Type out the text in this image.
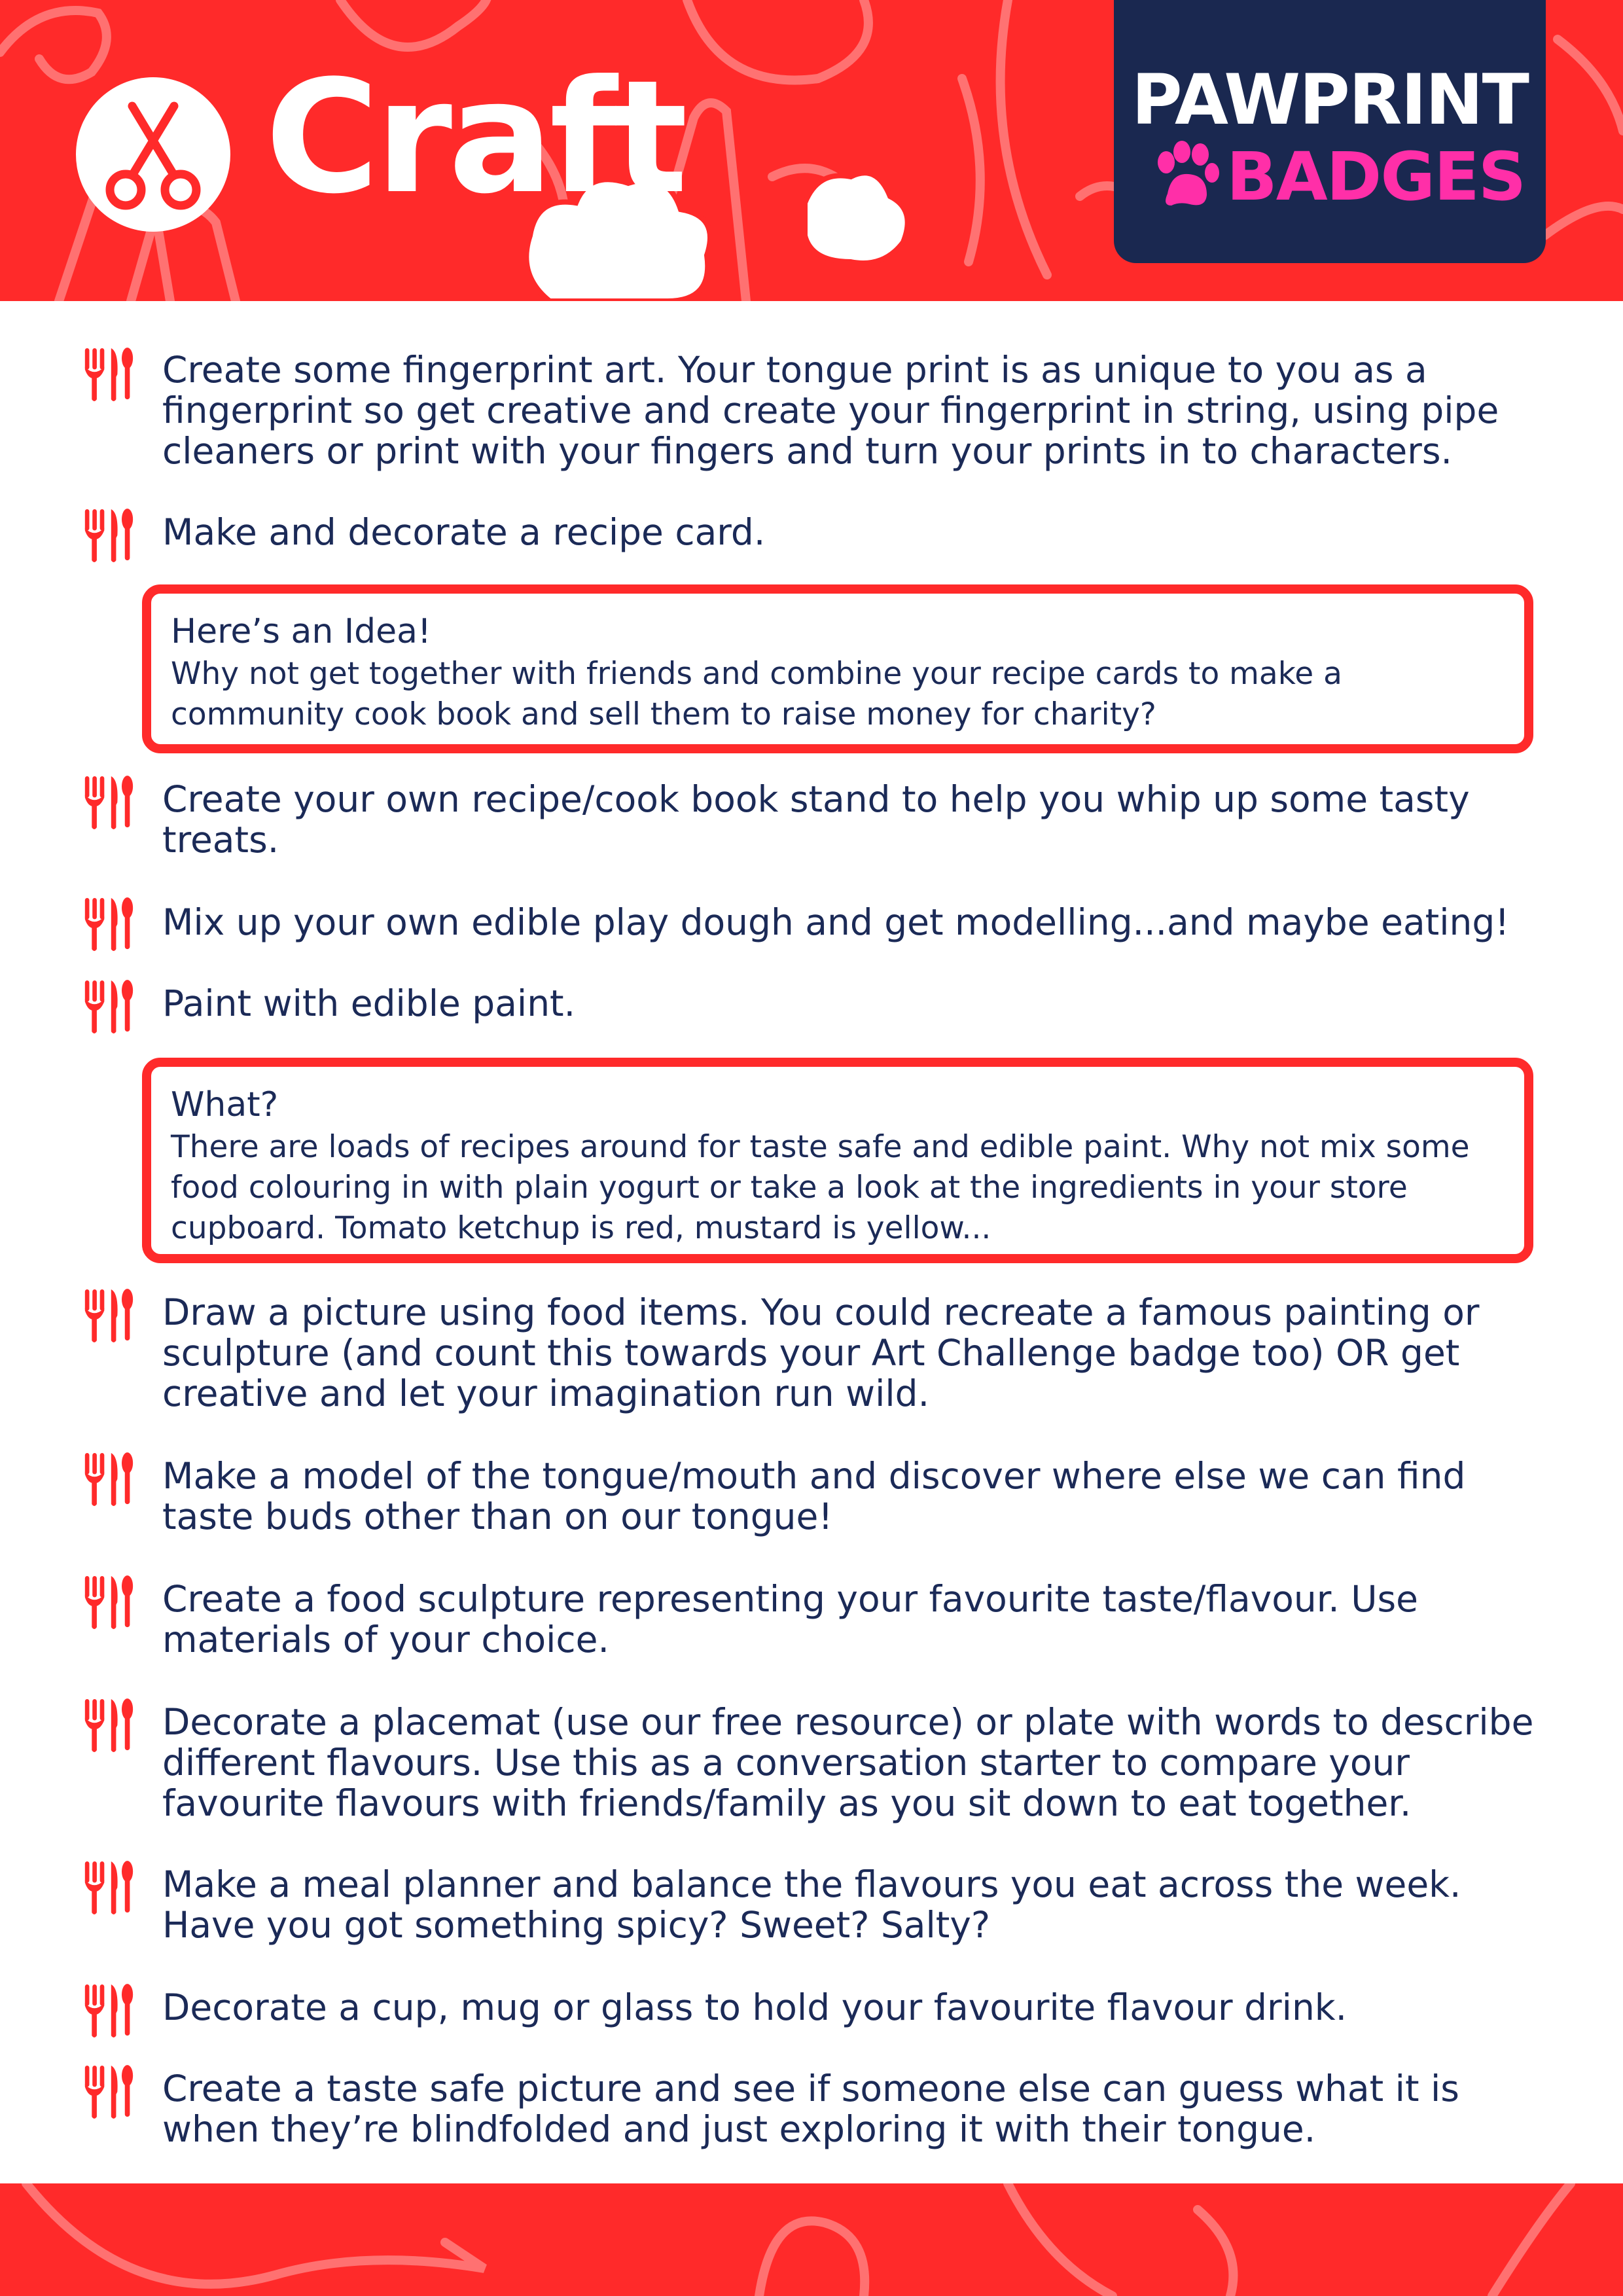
Craft	PAWPRINT
BADGES
Create some fingerprint art. Your tongue print is as unique to you as a fingerprint so get creative and create your fingerprint in string, using pipe cleaners or print with your fingers and turn your prints in to characters.
Make and decorate a recipe card.
Here’s an Idea!
Why not get together with friends and combine your recipe cards to make a community cook book and sell them to raise money for charity?
Create your own recipe/cook book stand to help you whip up some tasty treats.
Mix up your own edible play dough and get modelling...and maybe eating!
Paint with edible paint.
What?
There are loads of recipes around for taste safe and edible paint. Why not mix some food colouring in with plain yogurt or take a look at the ingredients in your store cupboard. Tomato ketchup is red, mustard is yellow...
Draw a picture using food items. You could recreate a famous painting or sculpture (and count this towards your Art Challenge badge too) OR get creative and let your imagination run wild.
Make a model of the tongue/mouth and discover where else we can find taste buds other than on our tongue!
Create a food sculpture representing your favourite taste/flavour. Use materials of your choice.
Decorate a placemat (use our free resource) or plate with words to describe different flavours. Use this as a conversation starter to compare your favourite flavours with friends/family as you sit down to eat together.
Make a meal planner and balance the flavours you eat across the week. Have you got something spicy? Sweet? Salty?
Decorate a cup, mug or glass to hold your favourite flavour drink.
Create a taste safe picture and see if someone else can guess what it is when they’re blindfolded and just exploring it with their tongue.
